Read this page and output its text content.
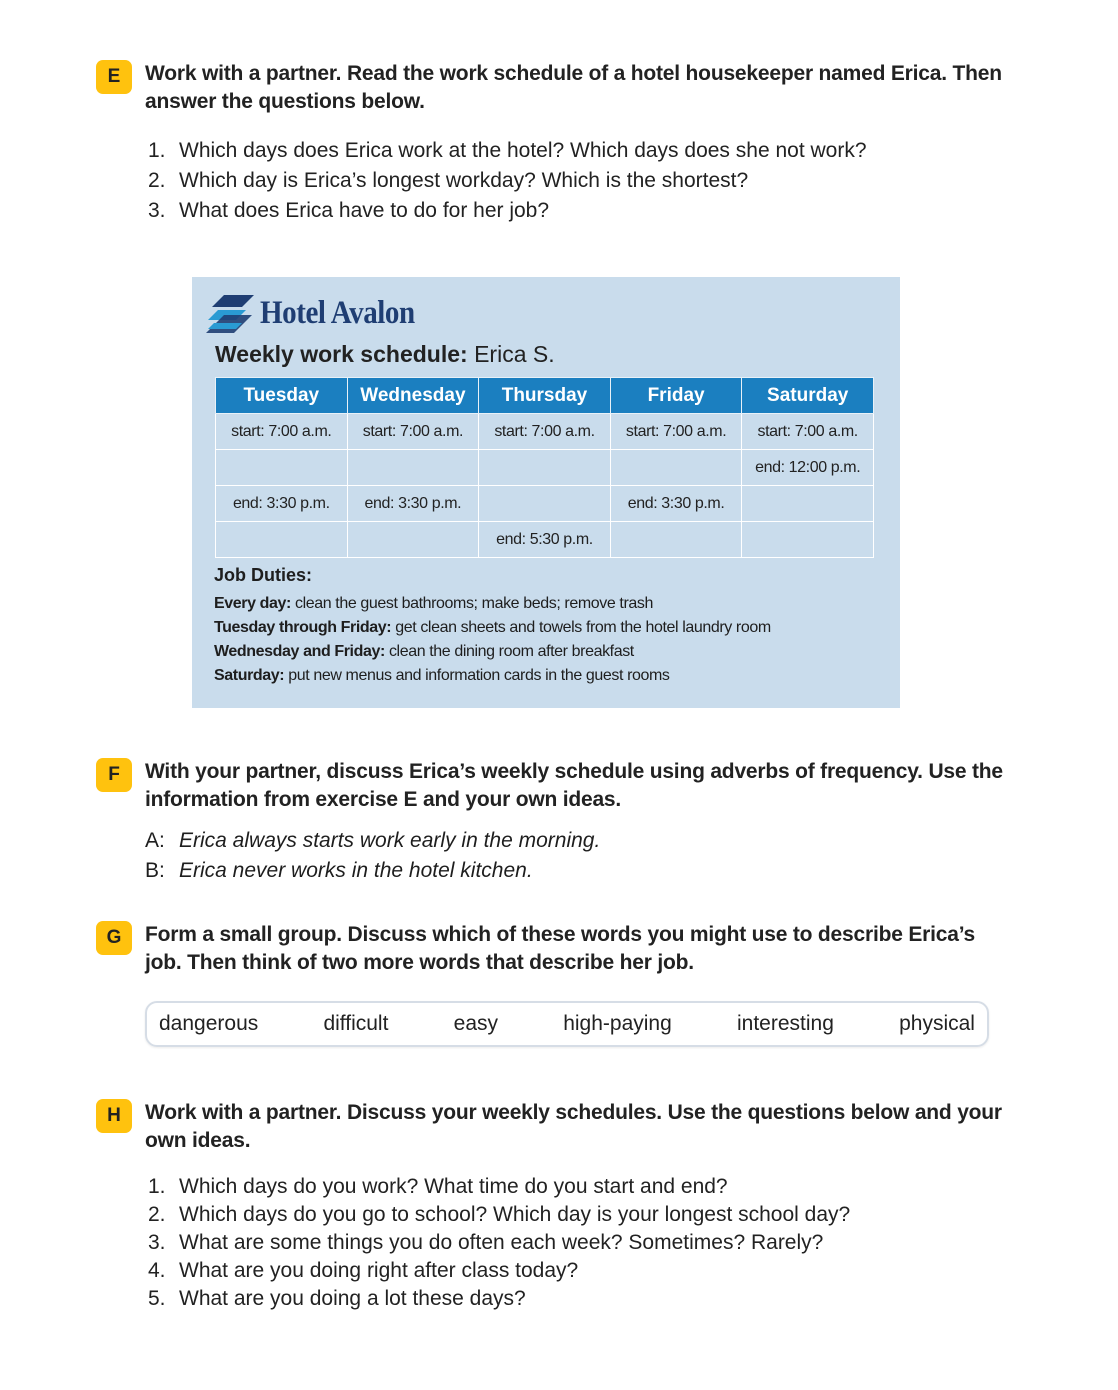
E	Work with a partner. Read the work schedule of a hotel housekeeper named Erica. Then answer the questions below.
1. Which days does Erica work at the hotel? Which days does she not work?
2. Which day is Erica’s longest workday? Which is the shortest?
3. What does Erica have to do for her job?
Hotel Avalon
Weekly work schedule: Erica S.
Tuesday	Wednesday	Thursday	Friday	Saturday
start: 7:00 a.m.	start: 7:00 a.m.	start: 7:00 a.m.	start: 7:00 a.m.	start: 7:00 a.m.
				end: 12:00 p.m.
end: 3:30 p.m.	end: 3:30 p.m.		end: 3:30 p.m.	
		end: 5:30 p.m.		
Job Duties:
Every day: clean the guest bathrooms; make beds; remove trash
Tuesday through Friday: get clean sheets and towels from the hotel laundry room
Wednesday and Friday: clean the dining room after breakfast
Saturday: put new menus and information cards in the guest rooms
F	With your partner, discuss Erica’s weekly schedule using adverbs of frequency. Use the information from exercise E and your own ideas.
A: Erica always starts work early in the morning.
B: Erica never works in the hotel kitchen.
G	Form a small group. Discuss which of these words you might use to describe Erica’s job. Then think of two more words that describe her job.
dangerous	difficult	easy	high-paying	interesting	physical
H	Work with a partner. Discuss your weekly schedules. Use the questions below and your own ideas.
1. Which days do you work? What time do you start and end?
2. Which days do you go to school? Which day is your longest school day?
3. What are some things you do often each week? Sometimes? Rarely?
4. What are you doing right after class today?
5. What are you doing a lot these days?
